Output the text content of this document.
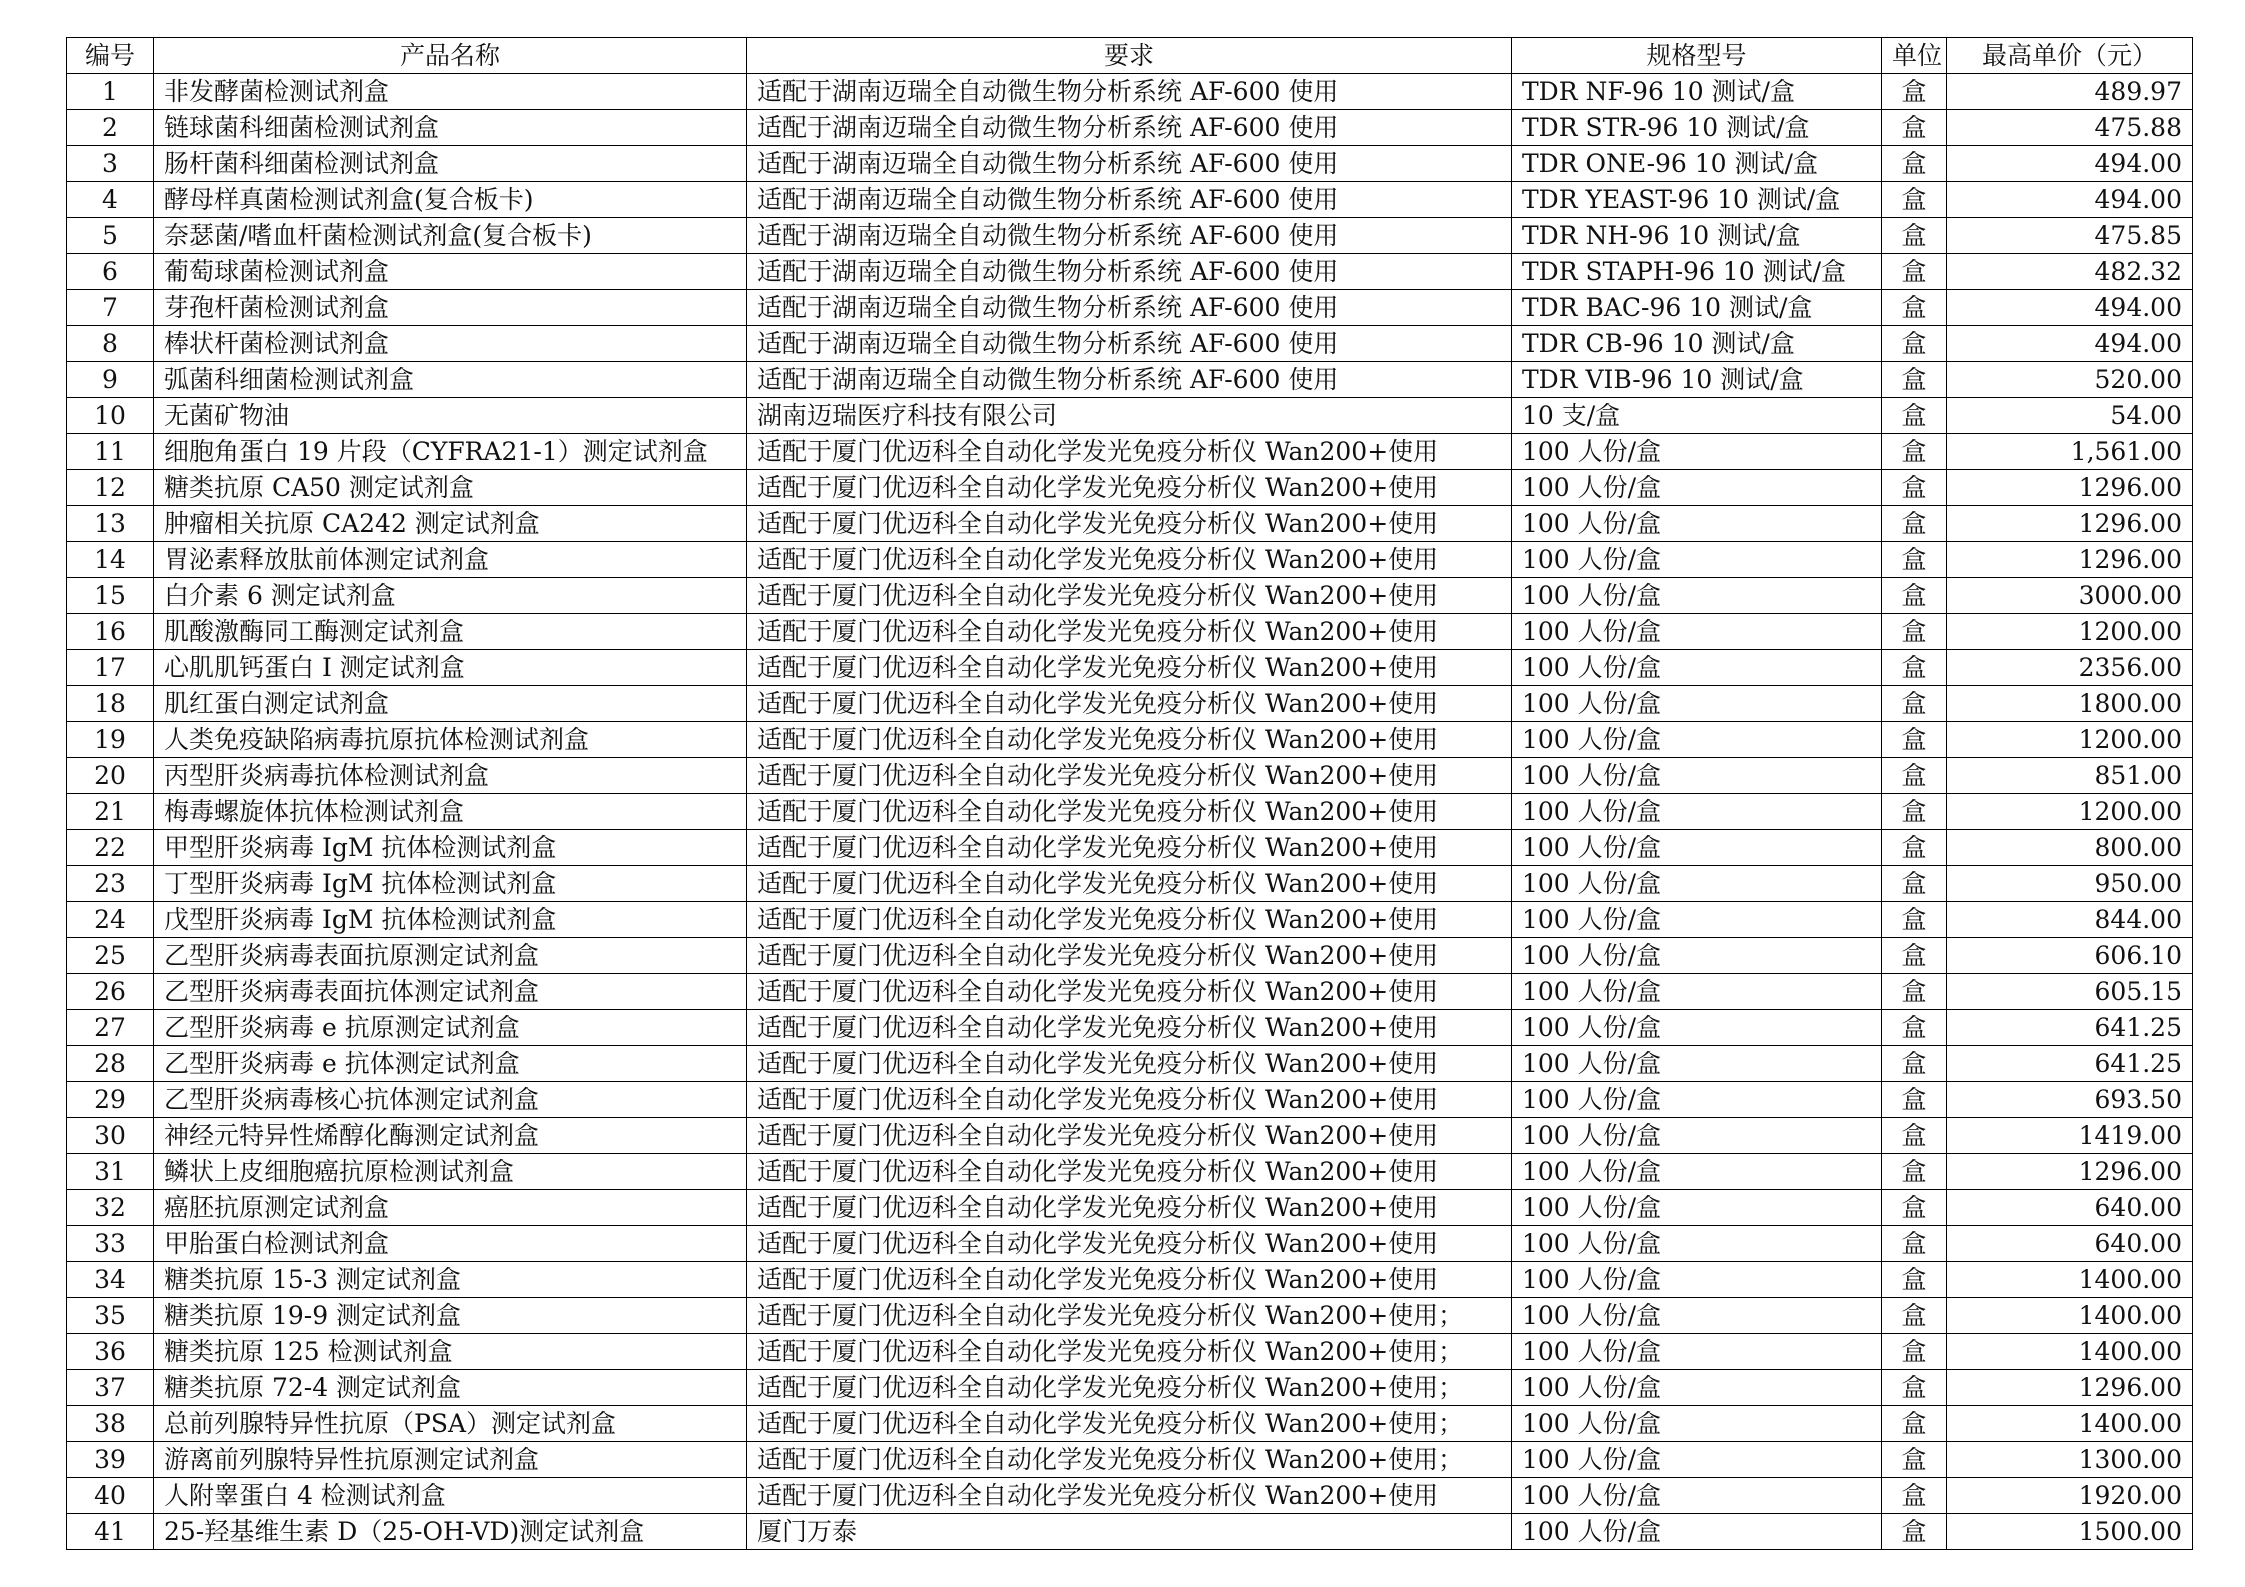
编号	产品名称	要求	规格型号	单位	最高单价（元）
1	非发酵菌检测试剂盒	适配于湖南迈瑞全自动微生物分析系统 AF-600 使用	TDR NF-96 10 测试/盒	盒	489.97
2	链球菌科细菌检测试剂盒	适配于湖南迈瑞全自动微生物分析系统 AF-600 使用	TDR STR-96 10 测试/盒	盒	475.88
3	肠杆菌科细菌检测试剂盒	适配于湖南迈瑞全自动微生物分析系统 AF-600 使用	TDR ONE-96 10 测试/盒	盒	494.00
4	酵母样真菌检测试剂盒(复合板卡)	适配于湖南迈瑞全自动微生物分析系统 AF-600 使用	TDR YEAST-96 10 测试/盒	盒	494.00
5	奈瑟菌/嗜血杆菌检测试剂盒(复合板卡)	适配于湖南迈瑞全自动微生物分析系统 AF-600 使用	TDR NH-96 10 测试/盒	盒	475.85
6	葡萄球菌检测试剂盒	适配于湖南迈瑞全自动微生物分析系统 AF-600 使用	TDR STAPH-96 10 测试/盒	盒	482.32
7	芽孢杆菌检测试剂盒	适配于湖南迈瑞全自动微生物分析系统 AF-600 使用	TDR BAC-96 10 测试/盒	盒	494.00
8	棒状杆菌检测试剂盒	适配于湖南迈瑞全自动微生物分析系统 AF-600 使用	TDR CB-96 10 测试/盒	盒	494.00
9	弧菌科细菌检测试剂盒	适配于湖南迈瑞全自动微生物分析系统 AF-600 使用	TDR VIB-96 10 测试/盒	盒	520.00
10	无菌矿物油	湖南迈瑞医疗科技有限公司	10 支/盒	盒	54.00
11	细胞角蛋白 19 片段（CYFRA21-1）测定试剂盒	适配于厦门优迈科全自动化学发光免疫分析仪 Wan200+使用	100 人份/盒	盒	1,561.00
12	糖类抗原 CA50 测定试剂盒	适配于厦门优迈科全自动化学发光免疫分析仪 Wan200+使用	100 人份/盒	盒	1296.00
13	肿瘤相关抗原 CA242 测定试剂盒	适配于厦门优迈科全自动化学发光免疫分析仪 Wan200+使用	100 人份/盒	盒	1296.00
14	胃泌素释放肽前体测定试剂盒	适配于厦门优迈科全自动化学发光免疫分析仪 Wan200+使用	100 人份/盒	盒	1296.00
15	白介素 6 测定试剂盒	适配于厦门优迈科全自动化学发光免疫分析仪 Wan200+使用	100 人份/盒	盒	3000.00
16	肌酸激酶同工酶测定试剂盒	适配于厦门优迈科全自动化学发光免疫分析仪 Wan200+使用	100 人份/盒	盒	1200.00
17	心肌肌钙蛋白 I 测定试剂盒	适配于厦门优迈科全自动化学发光免疫分析仪 Wan200+使用	100 人份/盒	盒	2356.00
18	肌红蛋白测定试剂盒	适配于厦门优迈科全自动化学发光免疫分析仪 Wan200+使用	100 人份/盒	盒	1800.00
19	人类免疫缺陷病毒抗原抗体检测试剂盒	适配于厦门优迈科全自动化学发光免疫分析仪 Wan200+使用	100 人份/盒	盒	1200.00
20	丙型肝炎病毒抗体检测试剂盒	适配于厦门优迈科全自动化学发光免疫分析仪 Wan200+使用	100 人份/盒	盒	851.00
21	梅毒螺旋体抗体检测试剂盒	适配于厦门优迈科全自动化学发光免疫分析仪 Wan200+使用	100 人份/盒	盒	1200.00
22	甲型肝炎病毒 IgM 抗体检测试剂盒	适配于厦门优迈科全自动化学发光免疫分析仪 Wan200+使用	100 人份/盒	盒	800.00
23	丁型肝炎病毒 IgM 抗体检测试剂盒	适配于厦门优迈科全自动化学发光免疫分析仪 Wan200+使用	100 人份/盒	盒	950.00
24	戊型肝炎病毒 IgM 抗体检测试剂盒	适配于厦门优迈科全自动化学发光免疫分析仪 Wan200+使用	100 人份/盒	盒	844.00
25	乙型肝炎病毒表面抗原测定试剂盒	适配于厦门优迈科全自动化学发光免疫分析仪 Wan200+使用	100 人份/盒	盒	606.10
26	乙型肝炎病毒表面抗体测定试剂盒	适配于厦门优迈科全自动化学发光免疫分析仪 Wan200+使用	100 人份/盒	盒	605.15
27	乙型肝炎病毒 e 抗原测定试剂盒	适配于厦门优迈科全自动化学发光免疫分析仪 Wan200+使用	100 人份/盒	盒	641.25
28	乙型肝炎病毒 e 抗体测定试剂盒	适配于厦门优迈科全自动化学发光免疫分析仪 Wan200+使用	100 人份/盒	盒	641.25
29	乙型肝炎病毒核心抗体测定试剂盒	适配于厦门优迈科全自动化学发光免疫分析仪 Wan200+使用	100 人份/盒	盒	693.50
30	神经元特异性烯醇化酶测定试剂盒	适配于厦门优迈科全自动化学发光免疫分析仪 Wan200+使用	100 人份/盒	盒	1419.00
31	鳞状上皮细胞癌抗原检测试剂盒	适配于厦门优迈科全自动化学发光免疫分析仪 Wan200+使用	100 人份/盒	盒	1296.00
32	癌胚抗原测定试剂盒	适配于厦门优迈科全自动化学发光免疫分析仪 Wan200+使用	100 人份/盒	盒	640.00
33	甲胎蛋白检测试剂盒	适配于厦门优迈科全自动化学发光免疫分析仪 Wan200+使用	100 人份/盒	盒	640.00
34	糖类抗原 15-3 测定试剂盒	适配于厦门优迈科全自动化学发光免疫分析仪 Wan200+使用	100 人份/盒	盒	1400.00
35	糖类抗原 19-9 测定试剂盒	适配于厦门优迈科全自动化学发光免疫分析仪 Wan200+使用；	100 人份/盒	盒	1400.00
36	糖类抗原 125 检测试剂盒	适配于厦门优迈科全自动化学发光免疫分析仪 Wan200+使用；	100 人份/盒	盒	1400.00
37	糖类抗原 72-4 测定试剂盒	适配于厦门优迈科全自动化学发光免疫分析仪 Wan200+使用；	100 人份/盒	盒	1296.00
38	总前列腺特异性抗原（PSA）测定试剂盒	适配于厦门优迈科全自动化学发光免疫分析仪 Wan200+使用；	100 人份/盒	盒	1400.00
39	游离前列腺特异性抗原测定试剂盒	适配于厦门优迈科全自动化学发光免疫分析仪 Wan200+使用；	100 人份/盒	盒	1300.00
40	人附睾蛋白 4 检测试剂盒	适配于厦门优迈科全自动化学发光免疫分析仪 Wan200+使用	100 人份/盒	盒	1920.00
41	25-羟基维生素 D（25-OH-VD)测定试剂盒	厦门万泰	100 人份/盒	盒	1500.00
